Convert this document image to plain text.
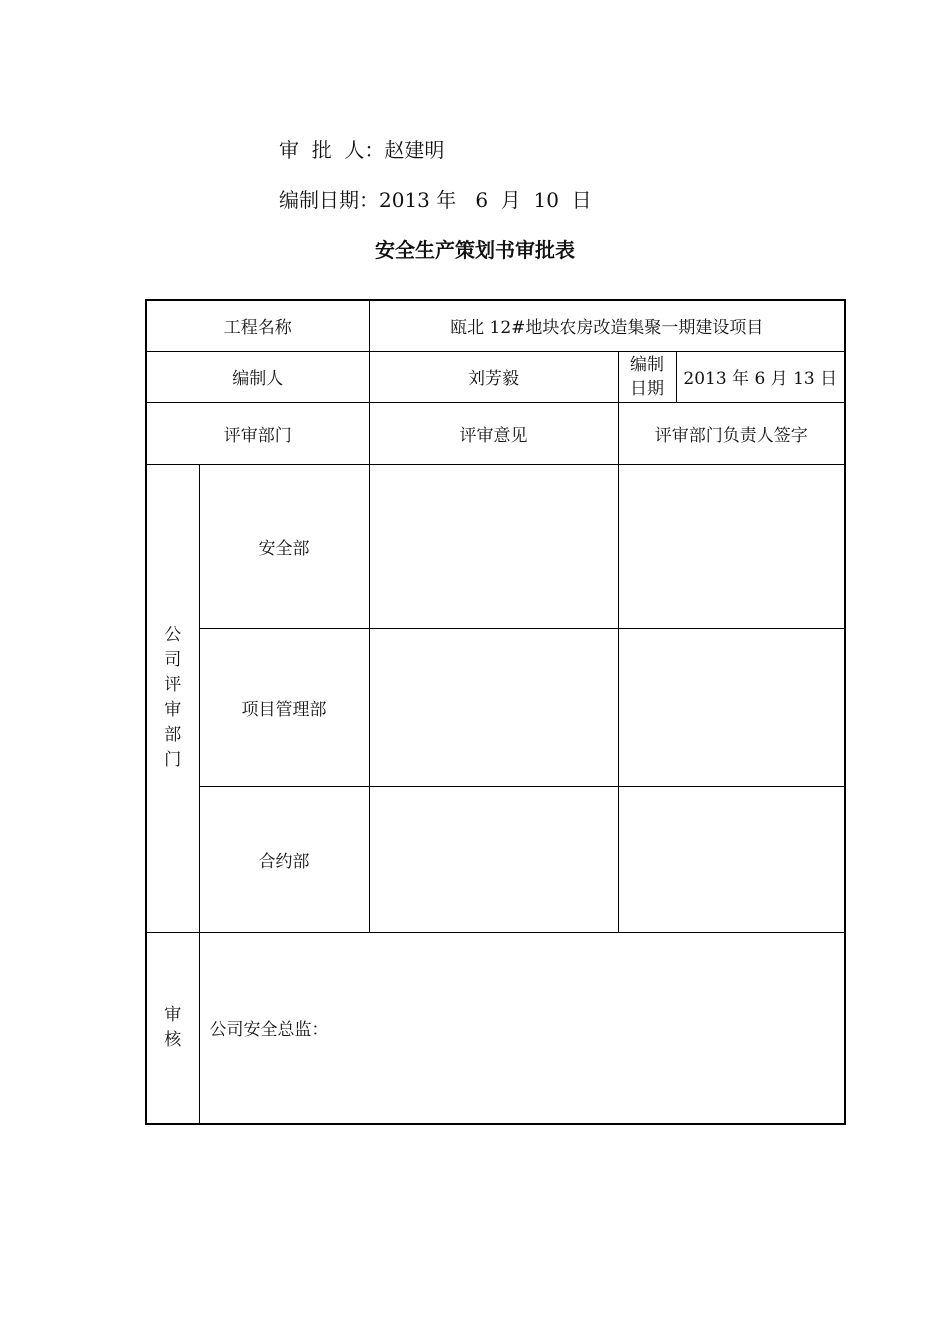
审  批  人：赵建明
编制日期：2013 年   6  月  10  日
安全生产策划书审批表
工程名称		瓯北 12#地块农房改造集聚一期建设项目		
编制人		刘芳毅	编制日期	2013 年 6 月 13 日
评审部门		评审意见	评审部门负责人签字	
公司评审部门	安全部			
	项目管理部			
	合约部			
审核	公司安全总监：			
